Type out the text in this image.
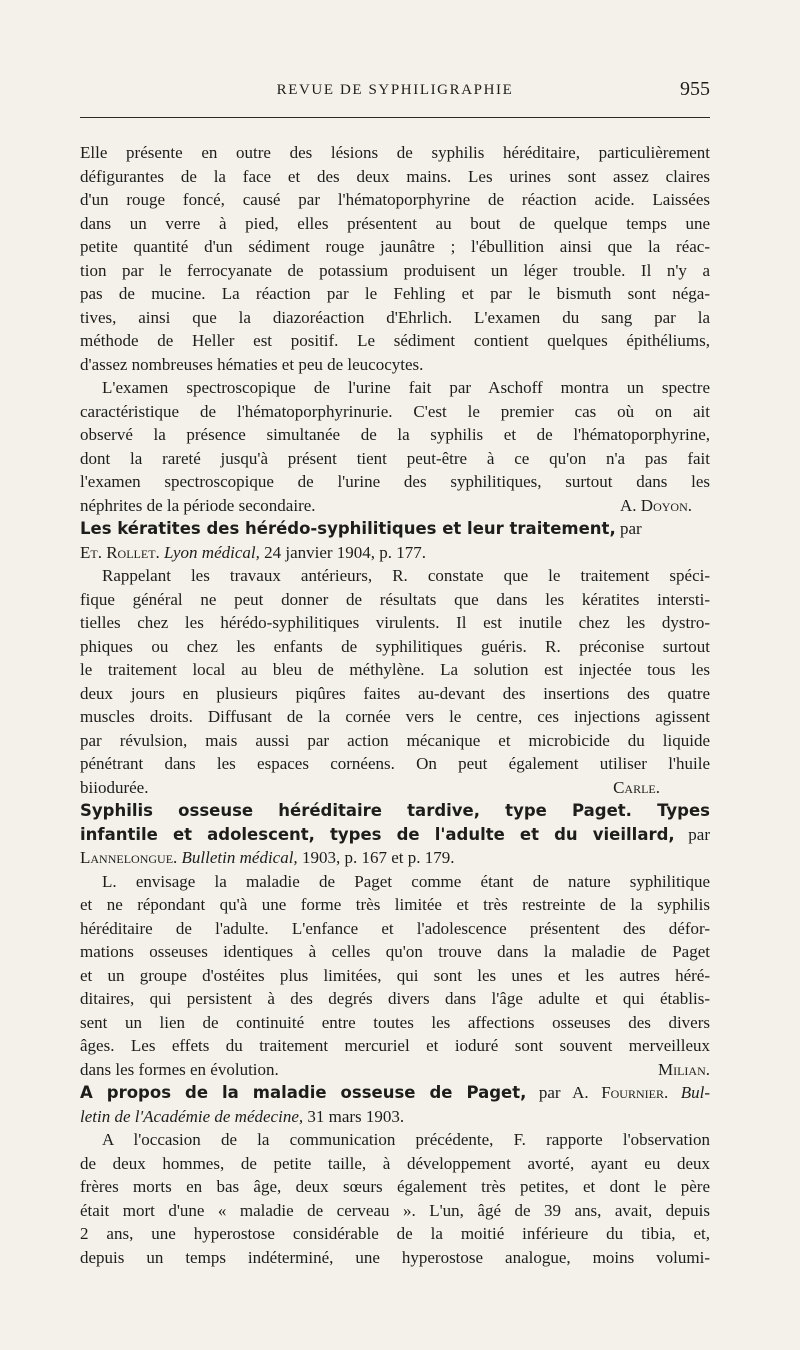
REVUE DE SYPHILIGRAPHIE	955
Elle présente en outre des lésions de syphilis héréditaire, particulièrement
défigurantes de la face et des deux mains. Les urines sont assez claires
d'un rouge foncé, causé par l'hématoporphyrine de réaction acide. Laissées
dans un verre à pied, elles présentent au bout de quelque temps une
petite quantité d'un sédiment rouge jaunâtre ; l'ébullition ainsi que la réac-
tion par le ferrocyanate de potassium produisent un léger trouble. Il n'y a
pas de mucine. La réaction par le Fehling et par le bismuth sont néga-
tives, ainsi que la diazoréaction d'Ehrlich. L'examen du sang par la
méthode de Heller est positif. Le sédiment contient quelques épithéliums,
d'assez nombreuses hématies et peu de leucocytes.
L'examen spectroscopique de l'urine fait par Aschoff montra un spectre
caractéristique de l'hématoporphyrinurie. C'est le premier cas où on ait
observé la présence simultanée de la syphilis et de l'hématoporphyrine,
dont la rareté jusqu'à présent tient peut-être à ce qu'on n'a pas fait
l'examen spectroscopique de l'urine des syphilitiques, surtout dans les
néphrites de la période secondaire.	A. Doyon.
Les kératites des hérédo-syphilitiques et leur traitement, par
Et. Rollet. Lyon médical, 24 janvier 1904, p. 177.
Rappelant les travaux antérieurs, R. constate que le traitement spéci-
fique général ne peut donner de résultats que dans les kératites intersti-
tielles chez les hérédo-syphilitiques virulents. Il est inutile chez les dystro-
phiques ou chez les enfants de syphilitiques guéris. R. préconise surtout
le traitement local au bleu de méthylène. La solution est injectée tous les
deux jours en plusieurs piqûres faites au-devant des insertions des quatre
muscles droits. Diffusant de la cornée vers le centre, ces injections agissent
par révulsion, mais aussi par action mécanique et microbicide du liquide
pénétrant dans les espaces cornéens. On peut également utiliser l'huile
biiodurée.	Carle.
Syphilis osseuse héréditaire tardive, type Paget. Types
infantile et adolescent, types de l'adulte et du vieillard, par
Lannelongue. Bulletin médical, 1903, p. 167 et p. 179.
L. envisage la maladie de Paget comme étant de nature syphilitique
et ne répondant qu'à une forme très limitée et très restreinte de la syphilis
héréditaire de l'adulte. L'enfance et l'adolescence présentent des défor-
mations osseuses identiques à celles qu'on trouve dans la maladie de Paget
et un groupe d'ostéites plus limitées, qui sont les unes et les autres héré-
ditaires, qui persistent à des degrés divers dans l'âge adulte et qui établis-
sent un lien de continuité entre toutes les affections osseuses des divers
âges. Les effets du traitement mercuriel et ioduré sont souvent merveilleux
dans les formes en évolution.	Milian.
A propos de la maladie osseuse de Paget, par A. Fournier. Bul-
letin de l'Académie de médecine, 31 mars 1903.
A l'occasion de la communication précédente, F. rapporte l'observation
de deux hommes, de petite taille, à développement avorté, ayant eu deux
frères morts en bas âge, deux sœurs également très petites, et dont le père
était mort d'une « maladie de cerveau ». L'un, âgé de 39 ans, avait, depuis
2 ans, une hyperostose considérable de la moitié inférieure du tibia, et,
depuis un temps indéterminé, une hyperostose analogue, moins volumi-
